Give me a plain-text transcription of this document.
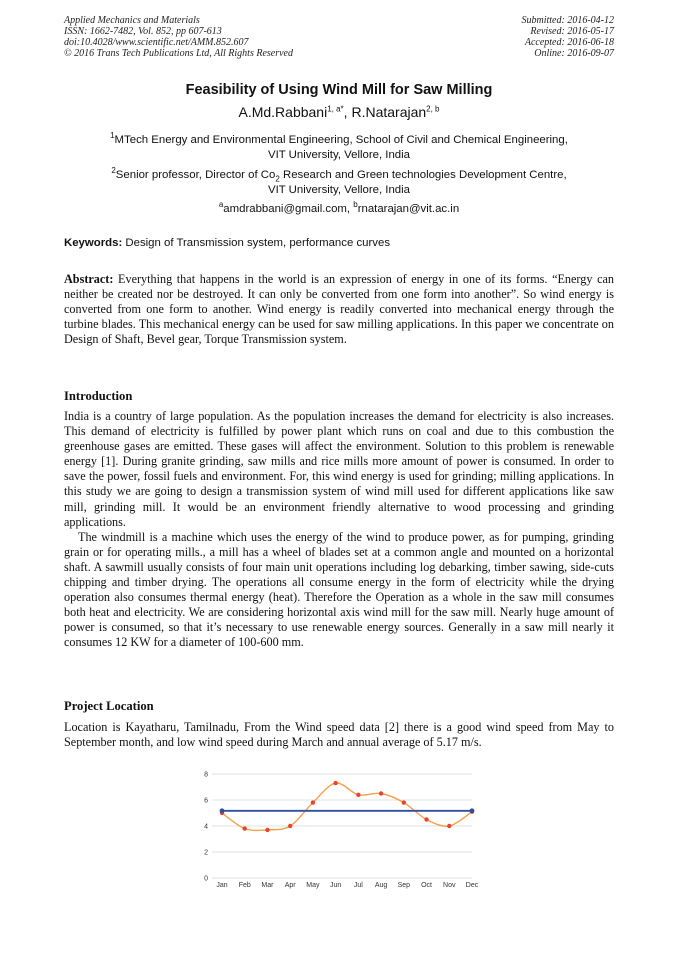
Applied Mechanics and Materials
ISSN: 1662-7482, Vol. 852, pp 607-613
doi:10.4028/www.scientific.net/AMM.852.607
© 2016 Trans Tech Publications Ltd, All Rights Reserved
Submitted: 2016-04-12
Revised: 2016-05-17
Accepted: 2016-06-18
Online: 2016-09-07
Feasibility of Using Wind Mill for Saw Milling
A.Md.Rabbani$^{1, a*}$, R.Natarajan$^{2, b}$
$^1$MTech Energy and Environmental Engineering, School of Civil and Chemical Engineering,
VIT University, Vellore, India
$^2$Senior professor, Director of $Co_2$ Research and Green technologies Development Centre,
VIT University, Vellore, India
$^a$amdrabbani@gmail.com, $^b$rnatarajan@vit.ac.in
Keywords: Design of Transmission system, performance curves

Abstract: Everything that happens in the world is an expression of energy in one of its forms. “Energy can neither be created nor be destroyed. It can only be converted from one form into another”. So wind energy is converted from one form to another. Wind energy is readily converted into mechanical energy through the turbine blades. This mechanical energy can be used for saw milling applications. In this paper we concentrate on Design of Shaft, Bevel gear, Torque Transmission system.

Introduction

India is a country of large population. As the population increases the demand for electricity is also increases. This demand of electricity is fulfilled by power plant which runs on coal and due to this combustion the greenhouse gases are emitted. These gases will affect the environment. Solution to this problem is renewable energy [1]. During granite grinding, saw mills and rice mills more amount of power is consumed. In order to save the power, fossil fuels and environment. For, this wind energy is used for grinding; milling applications. In this study we are going to design a transmission system of wind mill used for different applications like saw mill, grinding mill. It would be an environment friendly alternative to wood processing and grinding applications.

The windmill is a machine which uses the energy of the wind to produce power, as for pumping, grinding grain or for operating mills., a mill has a wheel of blades set at a common angle and mounted on a horizontal shaft. A sawmill usually consists of four main unit operations including log debarking, timber sawing, side-cuts chipping and timber drying. The operations all consume energy in the form of electricity while the drying operation also consumes thermal energy (heat). Therefore the Operation as a whole in the saw mill consumes both heat and electricity. We are considering horizontal axis wind mill for the saw mill. Nearly huge amount of power is consumed, so that it’s necessary to use renewable energy sources. Generally in a saw mill nearly it consumes 12 KW for a diameter of 100-600 mm.

Project Location

Location is Kayatharu, Tamilnadu, From the Wind speed data [2] there is a good wind speed from May to September month, and low wind speed during March and annual average of 5.17 m/s.

0
2
4
6
8
Jan Feb Mar Apr May Jun Jul Aug Sep Oct Nov Dec
